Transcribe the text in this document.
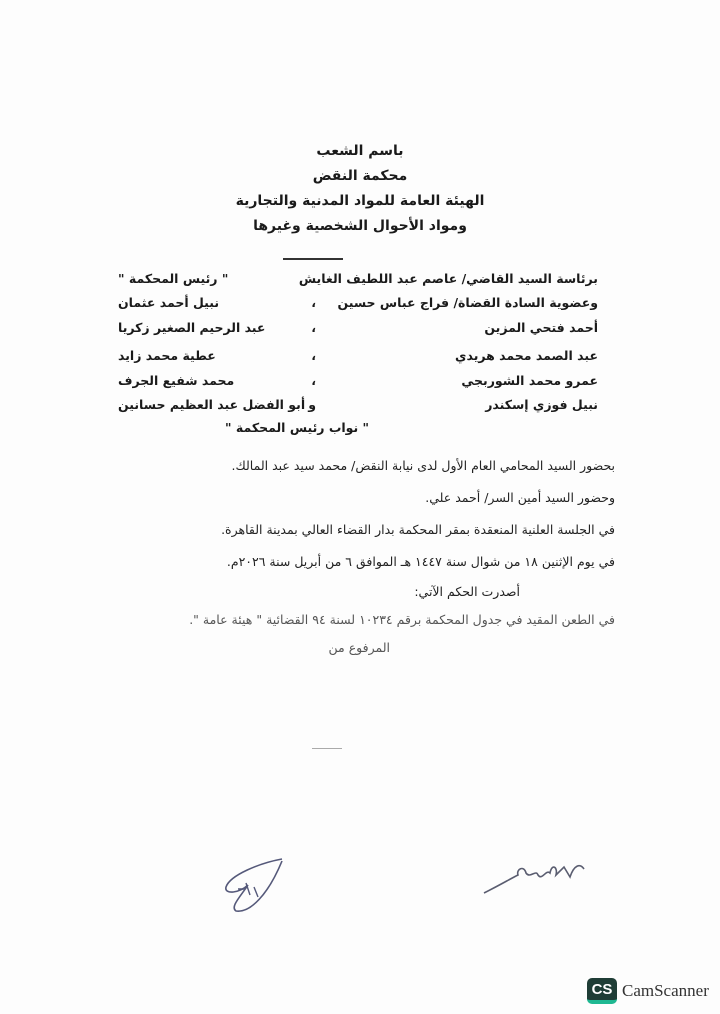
باسم الشعب
محكمة النقض
الهيئة العامة للمواد المدنية والتجارية
ومواد الأحوال الشخصية وغيرها
برئاسة السيد القاضي/ عاصم عبد اللطيف الغايش
" رئيس المحكمة "
وعضوية السادة القضاة/ فراج عباس حسين
،
نبيل أحمد عثمان
أحمد فتحي المزين
،
عبد الرحيم الصغير زكريا
عبد الصمد محمد هريدي
،
عطية محمد زايد
عمرو محمد الشوربجي
،
محمد شفيع الجرف
نبيل فوزي إسكندر
و
أبو الفضل عبد العظيم حسانين
" نواب رئيس المحكمة "
بحضور السيد المحامي العام الأول لدى نيابة النقض/ محمد سيد عبد المالك.
وحضور السيد أمين السر/ أحمد علي.
في الجلسة العلنية المنعقدة بمقر المحكمة بدار القضاء العالي بمدينة القاهرة.
في يوم الإثنين ١٨ من شوال سنة ١٤٤٧ هـ الموافق ٦ من أبريل سنة ٢٠٢٦م.
أصدرت الحكم الآتي:
في الطعن المقيد في جدول المحكمة برقم ١٠٢٣٤ لسنة ٩٤ القضائية " هيئة عامة ".
المرفوع من
CS CamScanner
